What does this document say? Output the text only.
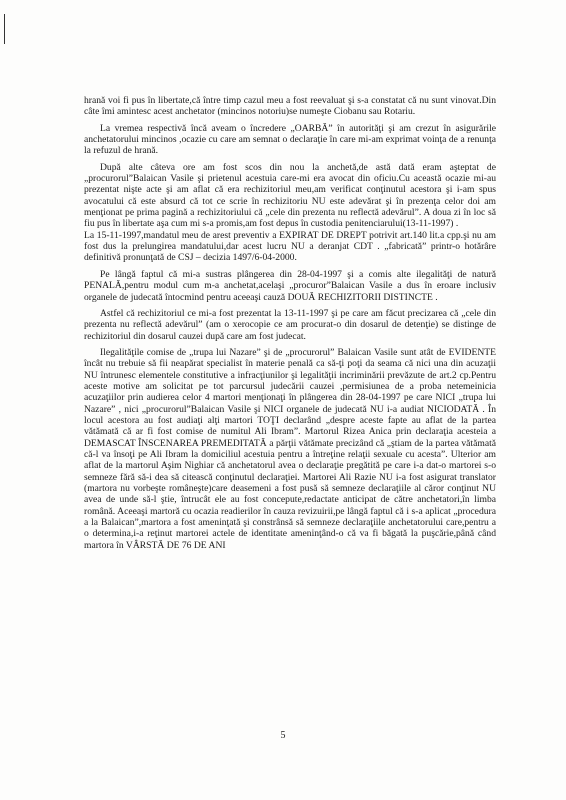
hrană voi fi pus în libertate,că între timp cazul meu a fost reevaluat şi s-a constatat că nu sunt vinovat.Din câte îmi amintesc acest anchetator (mincinos notoriu)se numeşte Ciobanu sau Rotariu.

La vremea respectivă încă aveam o încredere „OARBĂ” în autorităţi şi am crezut în asigurările anchetatorului mincinos ,ocazie cu care am semnat o declaraţie în care mi-am exprimat voinţa de a renunţa la refuzul de hrană.

După alte câteva ore am fost scos din nou la anchetă,de astă dată eram aşteptat de „procurorul”Balaican Vasile şi prietenul acestuia care-mi era avocat din oficiu.Cu această ocazie mi-au prezentat nişte acte şi am aflat că era rechizitoriul meu,am verificat conţinutul acestora şi i-am spus avocatului că este absurd că tot ce scrie în rechizitoriu NU este adevărat şi în prezenţa celor doi am menţionat pe prima pagină a rechizitoriului că „cele din prezenta nu reflectă adevărul”. A doua zi în loc să fiu pus în libertate aşa cum mi s-a promis,am fost depus în custodia penitenciarului(13-11-1997) .

La 15-11-1997,mandatul meu de arest preventiv a EXPIRAT DE DREPT potrivit art.140 lit.a cpp.şi nu am fost dus la prelungirea mandatului,dar acest lucru NU a deranjat CDT . „fabricată” printr-o hotărâre definitivă pronunţată de CSJ – decizia 1497/6-04-2000.

Pe lângă faptul că mi-a sustras plângerea din 28-04-1997 şi a comis alte ilegalităţi de natură PENALĂ,pentru modul cum m-a anchetat,acelaşi „procuror”Balaican Vasile a dus în eroare inclusiv organele de judecată întocmind pentru aceeaşi cauză DOUĂ RECHIZITORII DISTINCTE .

Astfel că rechizitoriul ce mi-a fost prezentat la 13-11-1997 şi pe care am făcut precizarea că „cele din prezenta nu reflectă adevărul” (am o xerocopie ce am procurat-o din dosarul de detenţie) se distinge de rechizitoriul din dosarul cauzei după care am fost judecat.

Ilegalităţile comise de „trupa lui Nazare” şi de „procurorul” Balaican Vasile sunt atât de EVIDENTE încât nu trebuie să fii neapărat specialist în materie penală ca să-ţi poţi da seama că nici una din acuzaţii NU întrunesc elementele constitutive a infracţiunilor şi legalităţii incriminării prevăzute de art.2 cp.Pentru aceste motive am solicitat pe tot parcursul judecării cauzei ,permisiunea de a proba netemeinicia acuzaţiilor prin audierea celor 4 martori menţionaţi în plângerea din 28-04-1997 pe care NICI „trupa lui Nazare” , nici „procurorul”Balaican Vasile şi NICI organele de judecată NU i-a audiat NICIODATĂ . În locul acestora au fost audiaţi alţi martori TOŢI declarând „despre aceste fapte au aflat de la partea vătămată că ar fi fost comise de numitul Ali Ibram”. Martorul Rizea Anica prin declaraţia acesteia a DEMASCAT ÎNSCENAREA PREMEDITATĂ a părţii vătămate precizând că „ştiam de la partea vătămată că-l va însoţi pe Ali Ibram la domiciliul acestuia pentru a întreţine relaţii sexuale cu acesta”. Ulterior am aflat de la martorul Aşim Nighiar că anchetatorul avea o declaraţie pregătită pe care i-a dat-o martorei s-o semneze fără să-i dea să citească conţinutul declaraţiei. Martorei Ali Razie NU i-a fost asigurat translator (martora nu vorbeşte româneşte)care deasemeni a fost pusă să semneze declaraţiile al căror conţinut NU avea de unde să-l ştie, întrucât ele au fost concepute,redactate anticipat de către anchetatori,în limba română. Aceeaşi martoră cu ocazia readierilor în cauza revizuirii,pe lângă faptul că i s-a aplicat „procedura a la Balaican”,martora a fost ameninţată şi constrânsă să semneze declaraţiile anchetatorului care,pentru a o determina,i-a reţinut martorei actele de identitate ameninţând-o că va fi băgată la puşcărie,până când martora în VÂRSTĂ DE 76 DE ANI

5
